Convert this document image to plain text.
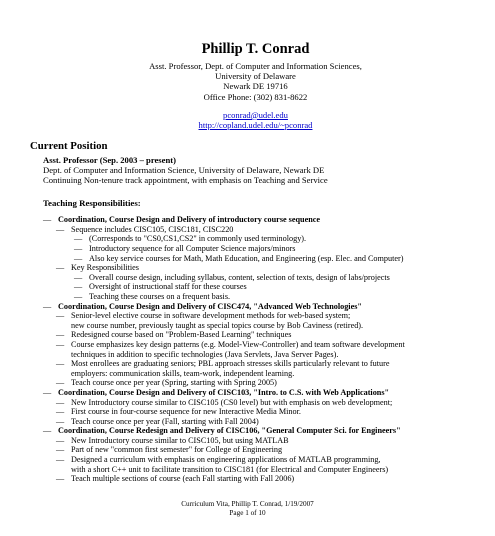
Phillip T. Conrad
Asst. Professor, Dept. of Computer and Information Sciences,
University of Delaware
Newark DE 19716
Office Phone: (302) 831-8622
pconrad@udel.edu
http://copland.udel.edu/~pconrad
Current Position
Asst. Professor (Sep. 2003 – present)
Dept. of Computer and Information Science, University of Delaware, Newark DE
Continuing Non-tenure track appointment, with emphasis on Teaching and Service
Teaching Responsibilities:
— Coordination, Course Design and Delivery of introductory course sequence
— Sequence includes CISC105, CISC181, CISC220
— (Corresponds to "CS0,CS1,CS2" in commonly used terminology).
— Introductory sequence for all Computer Science majors/minors
— Also key service courses for Math, Math Education, and Engineering (esp. Elec. and Computer)
— Key Responsibilities
— Overall course design, including syllabus, content, selection of texts, design of labs/projects
— Oversight of instructional staff for these courses
— Teaching these courses on a frequent basis.
— Coordination, Course Design and Delivery of CISC474, "Advanced Web Technologies"
— Senior-level elective course in software development methods for web-based system;
new course number, previously taught as special topics course by Bob Caviness (retired).
— Redesigned course based on "Problem-Based Learning" techniques
— Course emphasizes key design patterns (e.g. Model-View-Controller) and team software development
techniques in addition to specific technologies (Java Servlets, Java Server Pages).
— Most enrollees are graduating seniors; PBL approach stresses skills particularly relevant to future
employers: communication skills, team-work, independent learning.
— Teach course once per year (Spring, starting with Spring 2005)
— Coordination, Course Design and Delivery of CISC103, "Intro. to C.S. with Web Applications"
— New Introductory course similar to CISC105 (CS0 level) but with emphasis on web development;
— First course in four-course sequence for new Interactive Media Minor.
— Teach course once per year (Fall, starting with Fall 2004)
— Coordination, Course Redesign and Delivery of CISC106, "General Computer Sci. for Engineers"
— New Introductory course similar to CISC105, but using MATLAB
— Part of new "common first semester" for College of Engineering
— Designed a curriculum with emphasis on engineering applications of MATLAB programming,
with a short C++ unit to facilitate transition to CISC181 (for Electrical and Computer Engineers)
— Teach multiple sections of course (each Fall starting with Fall 2006)
Curriculum Vita, Phillip T. Conrad, 1/19/2007
Page 1 of 10
